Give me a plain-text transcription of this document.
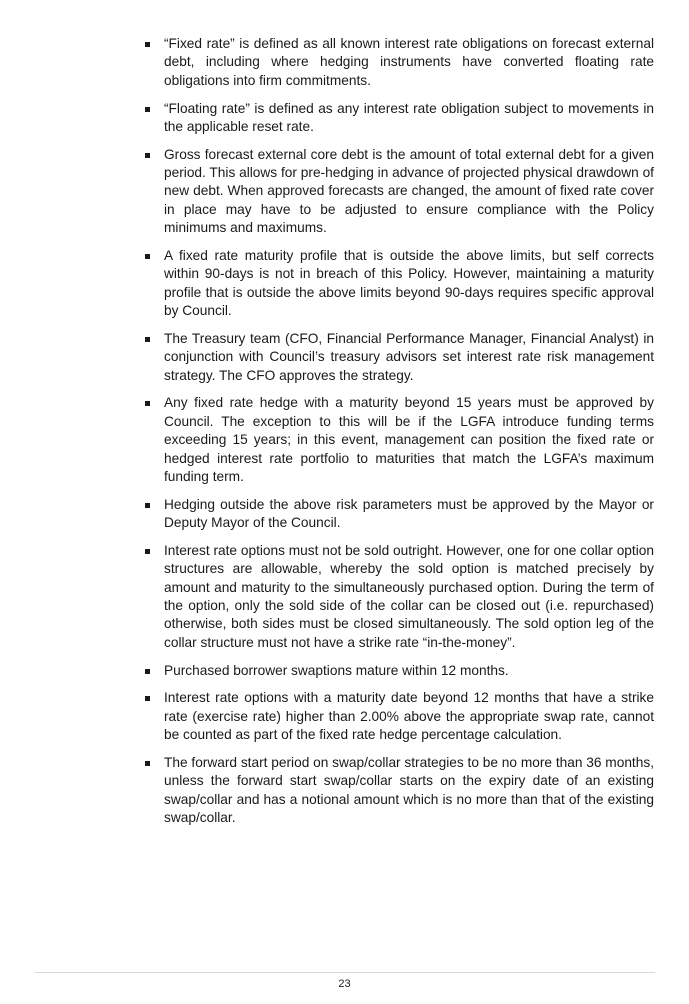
“Fixed rate” is defined as all known interest rate obligations on forecast external debt, including where hedging instruments have converted floating rate obligations into firm commitments.
“Floating rate” is defined as any interest rate obligation subject to movements in the applicable reset rate.
Gross forecast external core debt is the amount of total external debt for a given period. This allows for pre-hedging in advance of projected physical drawdown of new debt. When approved forecasts are changed, the amount of fixed rate cover in place may have to be adjusted to ensure compliance with the Policy minimums and maximums.
A fixed rate maturity profile that is outside the above limits, but self corrects within 90-days is not in breach of this Policy. However, maintaining a maturity profile that is outside the above limits beyond 90-days requires specific approval by Council.
The Treasury team (CFO, Financial Performance Manager, Financial Analyst) in conjunction with Council’s treasury advisors set interest rate risk management strategy. The CFO approves the strategy.
Any fixed rate hedge with a maturity beyond 15 years must be approved by Council. The exception to this will be if the LGFA introduce funding terms exceeding 15 years; in this event, management can position the fixed rate or hedged interest rate portfolio to maturities that match the LGFA’s maximum funding term.
Hedging outside the above risk parameters must be approved by the Mayor or Deputy Mayor of the Council.
Interest rate options must not be sold outright. However, one for one collar option structures are allowable, whereby the sold option is matched precisely by amount and maturity to the simultaneously purchased option. During the term of the option, only the sold side of the collar can be closed out (i.e. repurchased) otherwise, both sides must be closed simultaneously. The sold option leg of the collar structure must not have a strike rate “in-the-money”.
Purchased borrower swaptions mature within 12 months.
Interest rate options with a maturity date beyond 12 months that have a strike rate (exercise rate) higher than 2.00% above the appropriate swap rate, cannot be counted as part of the fixed rate hedge percentage calculation.
The forward start period on swap/collar strategies to be no more than 36 months, unless the forward start swap/collar starts on the expiry date of an existing swap/collar and has a notional amount which is no more than that of the existing swap/collar.
23
